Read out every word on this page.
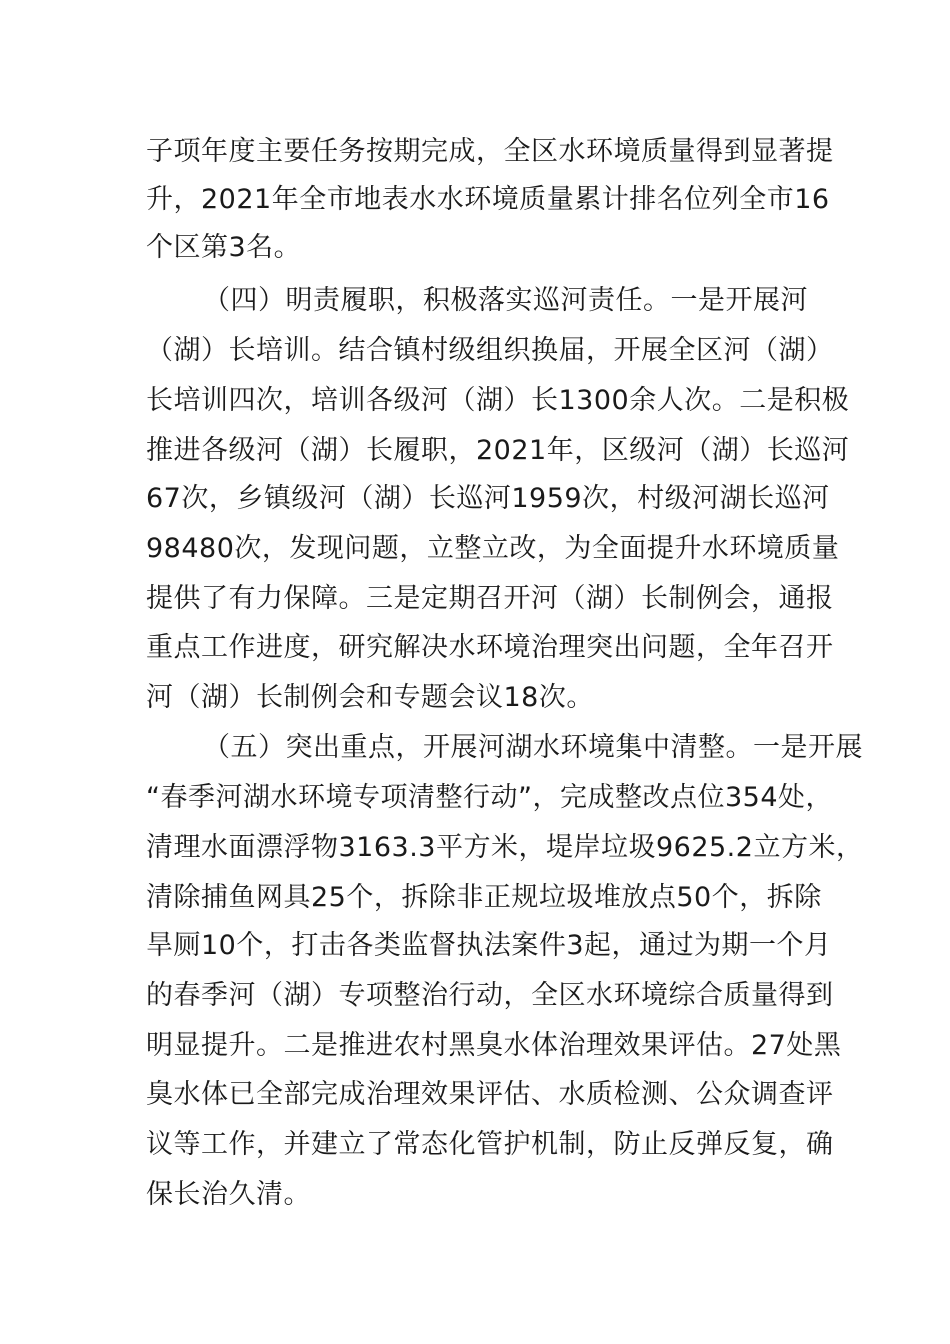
子项年度主要任务按期完成，全区水环境质量得到显著提
升，2021年全市地表水水环境质量累计排名位列全市16
个区第3名。
（四）明责履职，积极落实巡河责任。一是开展河
（湖）长培训。结合镇村级组织换届，开展全区河（湖）
长培训四次，培训各级河（湖）长1300余人次。二是积极
推进各级河（湖）长履职，2021年，区级河（湖）长巡河
67次，乡镇级河（湖）长巡河1959次，村级河湖长巡河
98480次，发现问题，立整立改，为全面提升水环境质量
提供了有力保障。三是定期召开河（湖）长制例会，通报
重点工作进度，研究解决水环境治理突出问题，全年召开
河（湖）长制例会和专题会议18次。
（五）突出重点，开展河湖水环境集中清整。一是开展
“春季河湖水环境专项清整行动”，完成整改点位354处，
清理水面漂浮物3163.3平方米，堤岸垃圾9625.2立方米，
清除捕鱼网具25个，拆除非正规垃圾堆放点50个，拆除
旱厕10个，打击各类监督执法案件3起，通过为期一个月
的春季河（湖）专项整治行动，全区水环境综合质量得到
明显提升。二是推进农村黑臭水体治理效果评估。27处黑
臭水体已全部完成治理效果评估、水质检测、公众调查评
议等工作，并建立了常态化管护机制，防止反弹反复，确
保长治久清。
